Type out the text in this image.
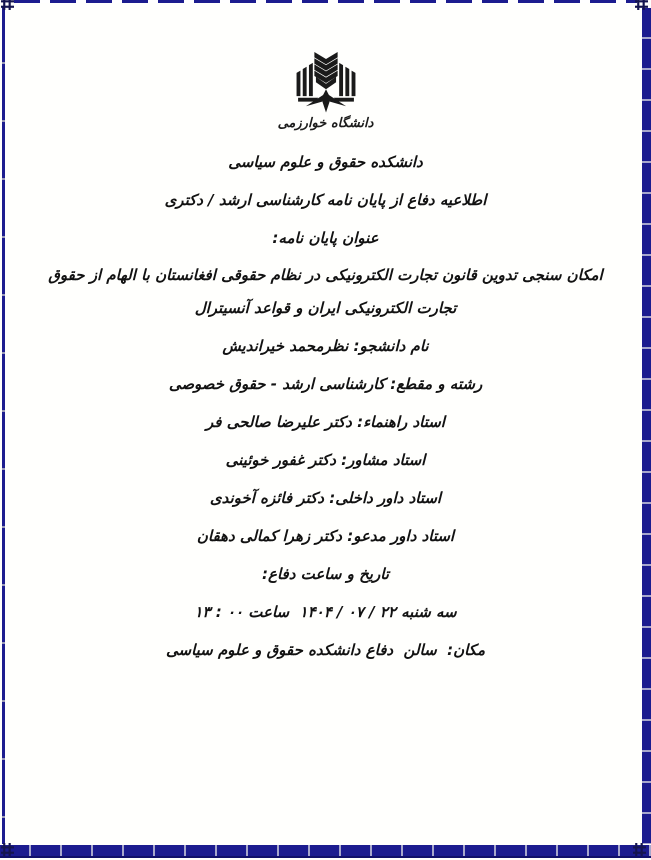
دانشگاه خوارزمی

دانشکده حقوق و علوم سیاسی

اطلاعیه دفاع از پایان نامه کارشناسی ارشد / دکتری

عنوان پایان نامه:

امکان سنجی تدوین قانون تجارت الکترونیکی در نظام حقوقی افغانستان با الهام از حقوق

تجارت الکترونیکی ایران و قواعد آنسیترال

نام دانشجو: نظرمحمد خیراندیش

رشته و مقطع: کارشناسی ارشد - حقوق خصوصی

استاد راهنماء: دکتر علیرضا صالحی فر

استاد مشاور: دکتر غفور خوئینی

استاد داور داخلی: دکتر فائزه آخوندی

استاد داور مدعو: دکتر زهرا کمالی دهقان

تاریخ و ساعت دفاع:

سه شنبه ۲۲ / ۰۷ / ۱۴۰۴  ساعت ۰۰ : ۱۳

مکان:  سالن  دفاع دانشکده حقوق و علوم سیاسی
